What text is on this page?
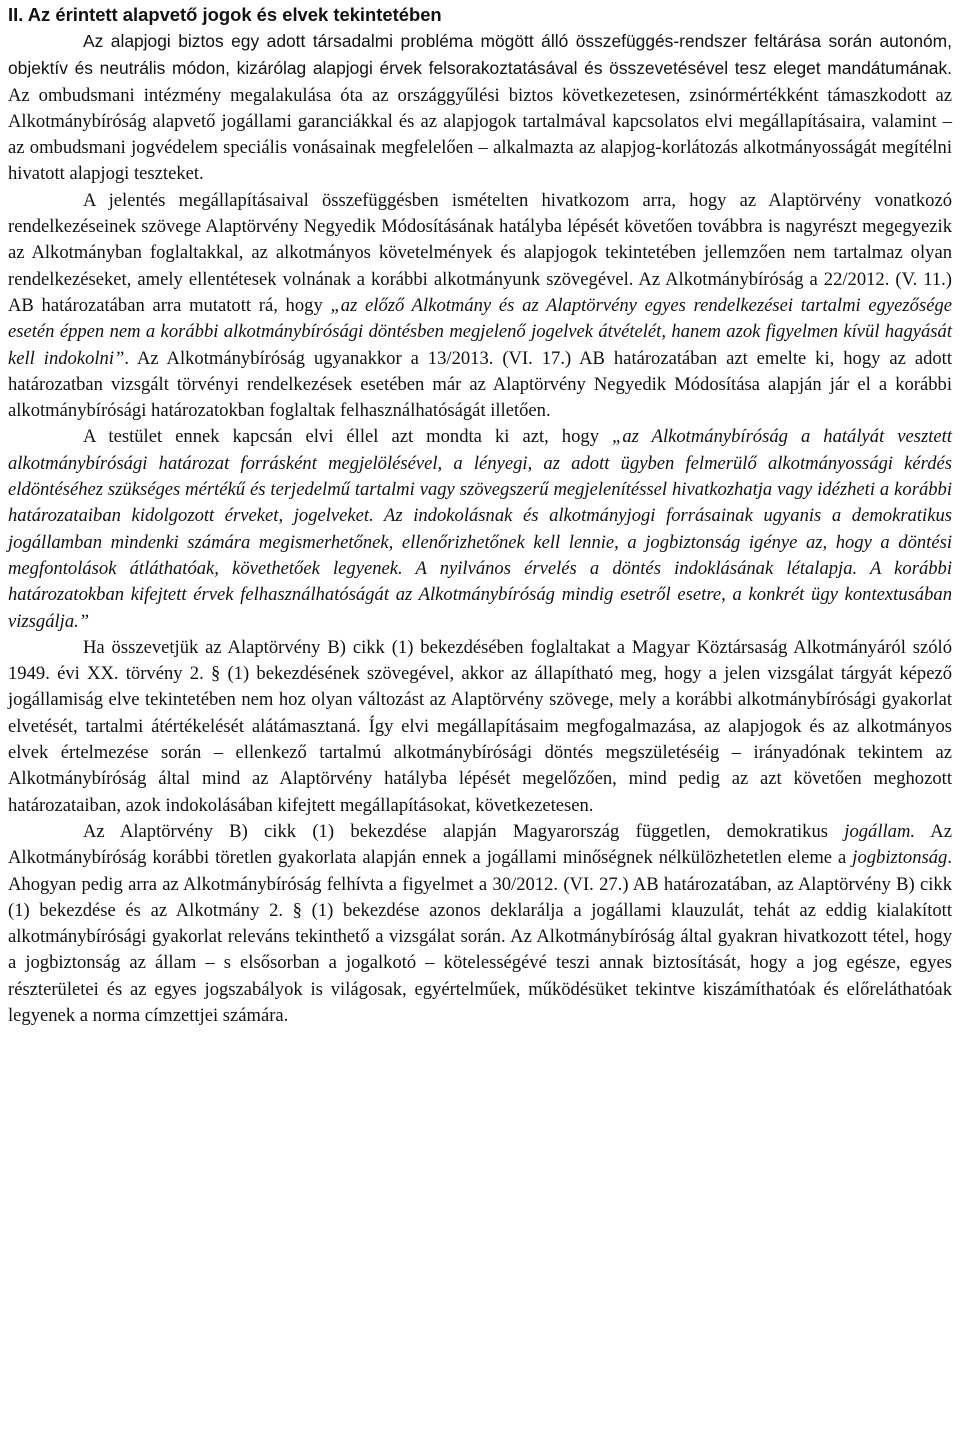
II. Az érintett alapvető jogok és elvek tekintetében

Az alapjogi biztos egy adott társadalmi probléma mögött álló összefüggés-rendszer feltárása során autonóm, objektív és neutrális módon, kizárólag alapjogi érvek felsorakoztatásával és összevetésével tesz eleget mandátumának. Az ombudsmani intézmény megalakulása óta az országgyűlési biztos következetesen, zsinórmértékként támaszkodott az Alkotmánybíróság alapvető jogállami garanciákkal és az alapjogok tartalmával kapcsolatos elvi megállapításaira, valamint – az ombudsmani jogvédelem speciális vonásainak megfelelően – alkalmazta az alapjog-korlátozás alkotmányosságát megítélni hivatott alapjogi teszteket.

A jelentés megállapításaival összefüggésben ismételten hivatkozom arra, hogy az Alaptörvény vonatkozó rendelkezéseinek szövege Alaptörvény Negyedik Módosításának hatályba lépését követően továbbra is nagyrészt megegyezik az Alkotmányban foglaltakkal, az alkotmányos követelmények és alapjogok tekintetében jellemzően nem tartalmaz olyan rendelkezéseket, amely ellentétesek volnának a korábbi alkotmányunk szövegével. Az Alkotmánybíróság a 22/2012. (V. 11.) AB határozatában arra mutatott rá, hogy „az előző Alkotmány és az Alaptörvény egyes rendelkezései tartalmi egyezősége esetén éppen nem a korábbi alkotmánybírósági döntésben megjelenő jogelvek átvételét, hanem azok figyelmen kívül hagyását kell indokolni”. Az Alkotmánybíróság ugyanakkor a 13/2013. (VI. 17.) AB határozatában azt emelte ki, hogy az adott határozatban vizsgált törvényi rendelkezések esetében már az Alaptörvény Negyedik Módosítása alapján jár el a korábbi alkotmánybírósági határozatokban foglaltak felhasználhatóságát illetően.

A testület ennek kapcsán elvi éllel azt mondta ki azt, hogy „az Alkotmánybíróság a hatályát vesztett alkotmánybírósági határozat forrásként megjelölésével, a lényegi, az adott ügyben felmerülő alkotmányossági kérdés eldöntéséhez szükséges mértékű és terjedelmű tartalmi vagy szövegszerű megjelenítéssel hivatkozhatja vagy idézheti a korábbi határozataiban kidolgozott érveket, jogelveket. Az indokolásnak és alkotmányjogi forrásainak ugyanis a demokratikus jogállamban mindenki számára megismerhetőnek, ellenőrizhetőnek kell lennie, a jogbiztonság igénye az, hogy a döntési megfontolások átláthatóak, követhetőek legyenek. A nyilvános érvelés a döntés indoklásának létalapja. A korábbi határozatokban kifejtett érvek felhasználhatóságát az Alkotmánybíróság mindig esetről esetre, a konkrét ügy kontextusában vizsgálja.”

Ha összevetjük az Alaptörvény B) cikk (1) bekezdésében foglaltakat a Magyar Köztársaság Alkotmányáról szóló 1949. évi XX. törvény 2. § (1) bekezdésének szövegével, akkor az állapítható meg, hogy a jelen vizsgálat tárgyát képező jogállamiság elve tekintetében nem hoz olyan változást az Alaptörvény szövege, mely a korábbi alkotmánybírósági gyakorlat elvetését, tartalmi átértékelését alátámasztaná. Így elvi megállapításaim megfogalmazása, az alapjogok és az alkotmányos elvek értelmezése során – ellenkező tartalmú alkotmánybírósági döntés megszületéséig – irányadónak tekintem az Alkotmánybíróság által mind az Alaptörvény hatályba lépését megelőzően, mind pedig az azt követően meghozott határozataiban, azok indokolásában kifejtett megállapításokat, következetesen.

Az Alaptörvény B) cikk (1) bekezdése alapján Magyarország független, demokratikus jogállam. Az Alkotmánybíróság korábbi töretlen gyakorlata alapján ennek a jogállami minőségnek nélkülözhetetlen eleme a jogbiztonság. Ahogyan pedig arra az Alkotmánybíróság felhívta a figyelmet a 30/2012. (VI. 27.) AB határozatában, az Alaptörvény B) cikk (1) bekezdése és az Alkotmány 2. § (1) bekezdése azonos deklarálja a jogállami klauzulát, tehát az eddig kialakított alkotmánybírósági gyakorlat releváns tekinthető a vizsgálat során. Az Alkotmánybíróság által gyakran hivatkozott tétel, hogy a jogbiztonság az állam – s elsősorban a jogalkotó – kötelességévé teszi annak biztosítását, hogy a jog egésze, egyes részterületei és az egyes jogszabályok is világosak, egyértelműek, működésüket tekintve kiszámíthatóak és előreláthatóak legyenek a norma címzettjei számára.
